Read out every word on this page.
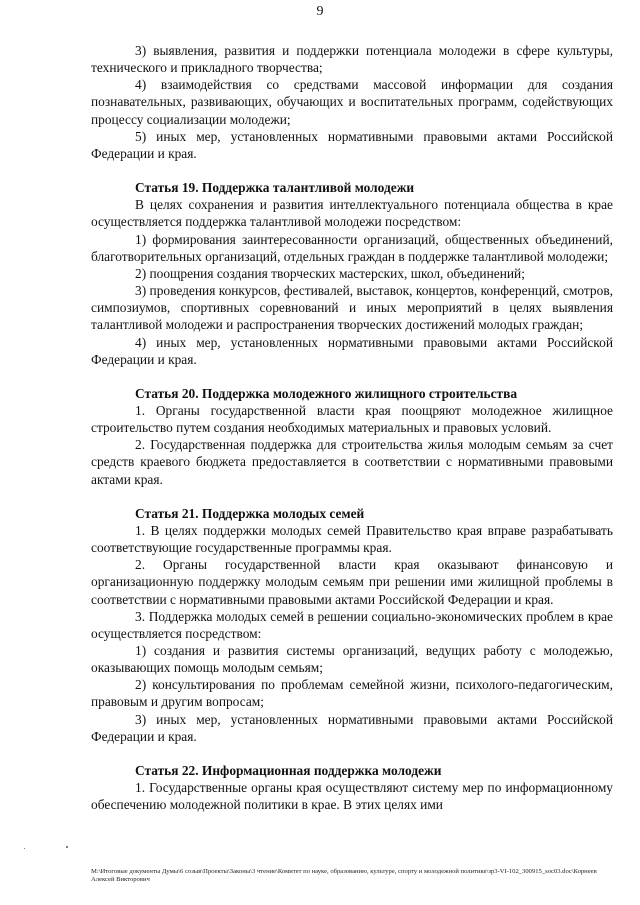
9

3) выявления, развития и поддержки потенциала молодежи в сфере культуры, технического и прикладного творчества;

4) взаимодействия со средствами массовой информации для создания познавательных, развивающих, обучающих и воспитательных программ, содействующих процессу социализации молодежи;

5) иных мер, установленных нормативными правовыми актами Российской Федерации и края.

Статья 19. Поддержка талантливой молодежи

В целях сохранения и развития интеллектуального потенциала общества в крае осуществляется поддержка талантливой молодежи посредством:

1) формирования заинтересованности организаций, общественных объединений, благотворительных организаций, отдельных граждан в поддержке талантливой молодежи;

2) поощрения создания творческих мастерских, школ, объединений;

3) проведения конкурсов, фестивалей, выставок, концертов, конференций, смотров, симпозиумов, спортивных соревнований и иных мероприятий в целях выявления талантливой молодежи и распространения творческих достижений молодых граждан;

4) иных мер, установленных нормативными правовыми актами Российской Федерации и края.

Статья 20. Поддержка молодежного жилищного строительства

1. Органы государственной власти края поощряют молодежное жилищное строительство путем создания необходимых материальных и правовых условий.

2. Государственная поддержка для строительства жилья молодым семьям за счет средств краевого бюджета предоставляется в соответствии с нормативными правовыми актами края.

Статья 21. Поддержка молодых семей

1. В целях поддержки молодых семей Правительство края вправе разрабатывать соответствующие государственные программы края.

2. Органы государственной власти края оказывают финансовую и организационную поддержку молодым семьям при решении ими жилищной проблемы в соответствии с нормативными правовыми актами Российской Федерации и края.

3. Поддержка молодых семей в решении социально-экономических проблем в крае осуществляется посредством:

1) создания и развития системы организаций, ведущих работу с молодежью, оказывающих помощь молодым семьям;

2) консультирования по проблемам семейной жизни, психолого-педагогическим, правовым и другим вопросам;

3) иных мер, установленных нормативными правовыми актами Российской Федерации и края.

Статья 22. Информационная поддержка молодежи

1. Государственные органы края осуществляют систему мер по информационному обеспечению молодежной политики в крае. В этих целях ими

M:\Итоговые документы Думы\6 созыв\Проекты\Законы\3 чтение\Комитет по науке, образованию, культуре, спорту и молодежной политике\зр3-VI-102_300915_soc03.doc\Корнеев Алексей Викторович
